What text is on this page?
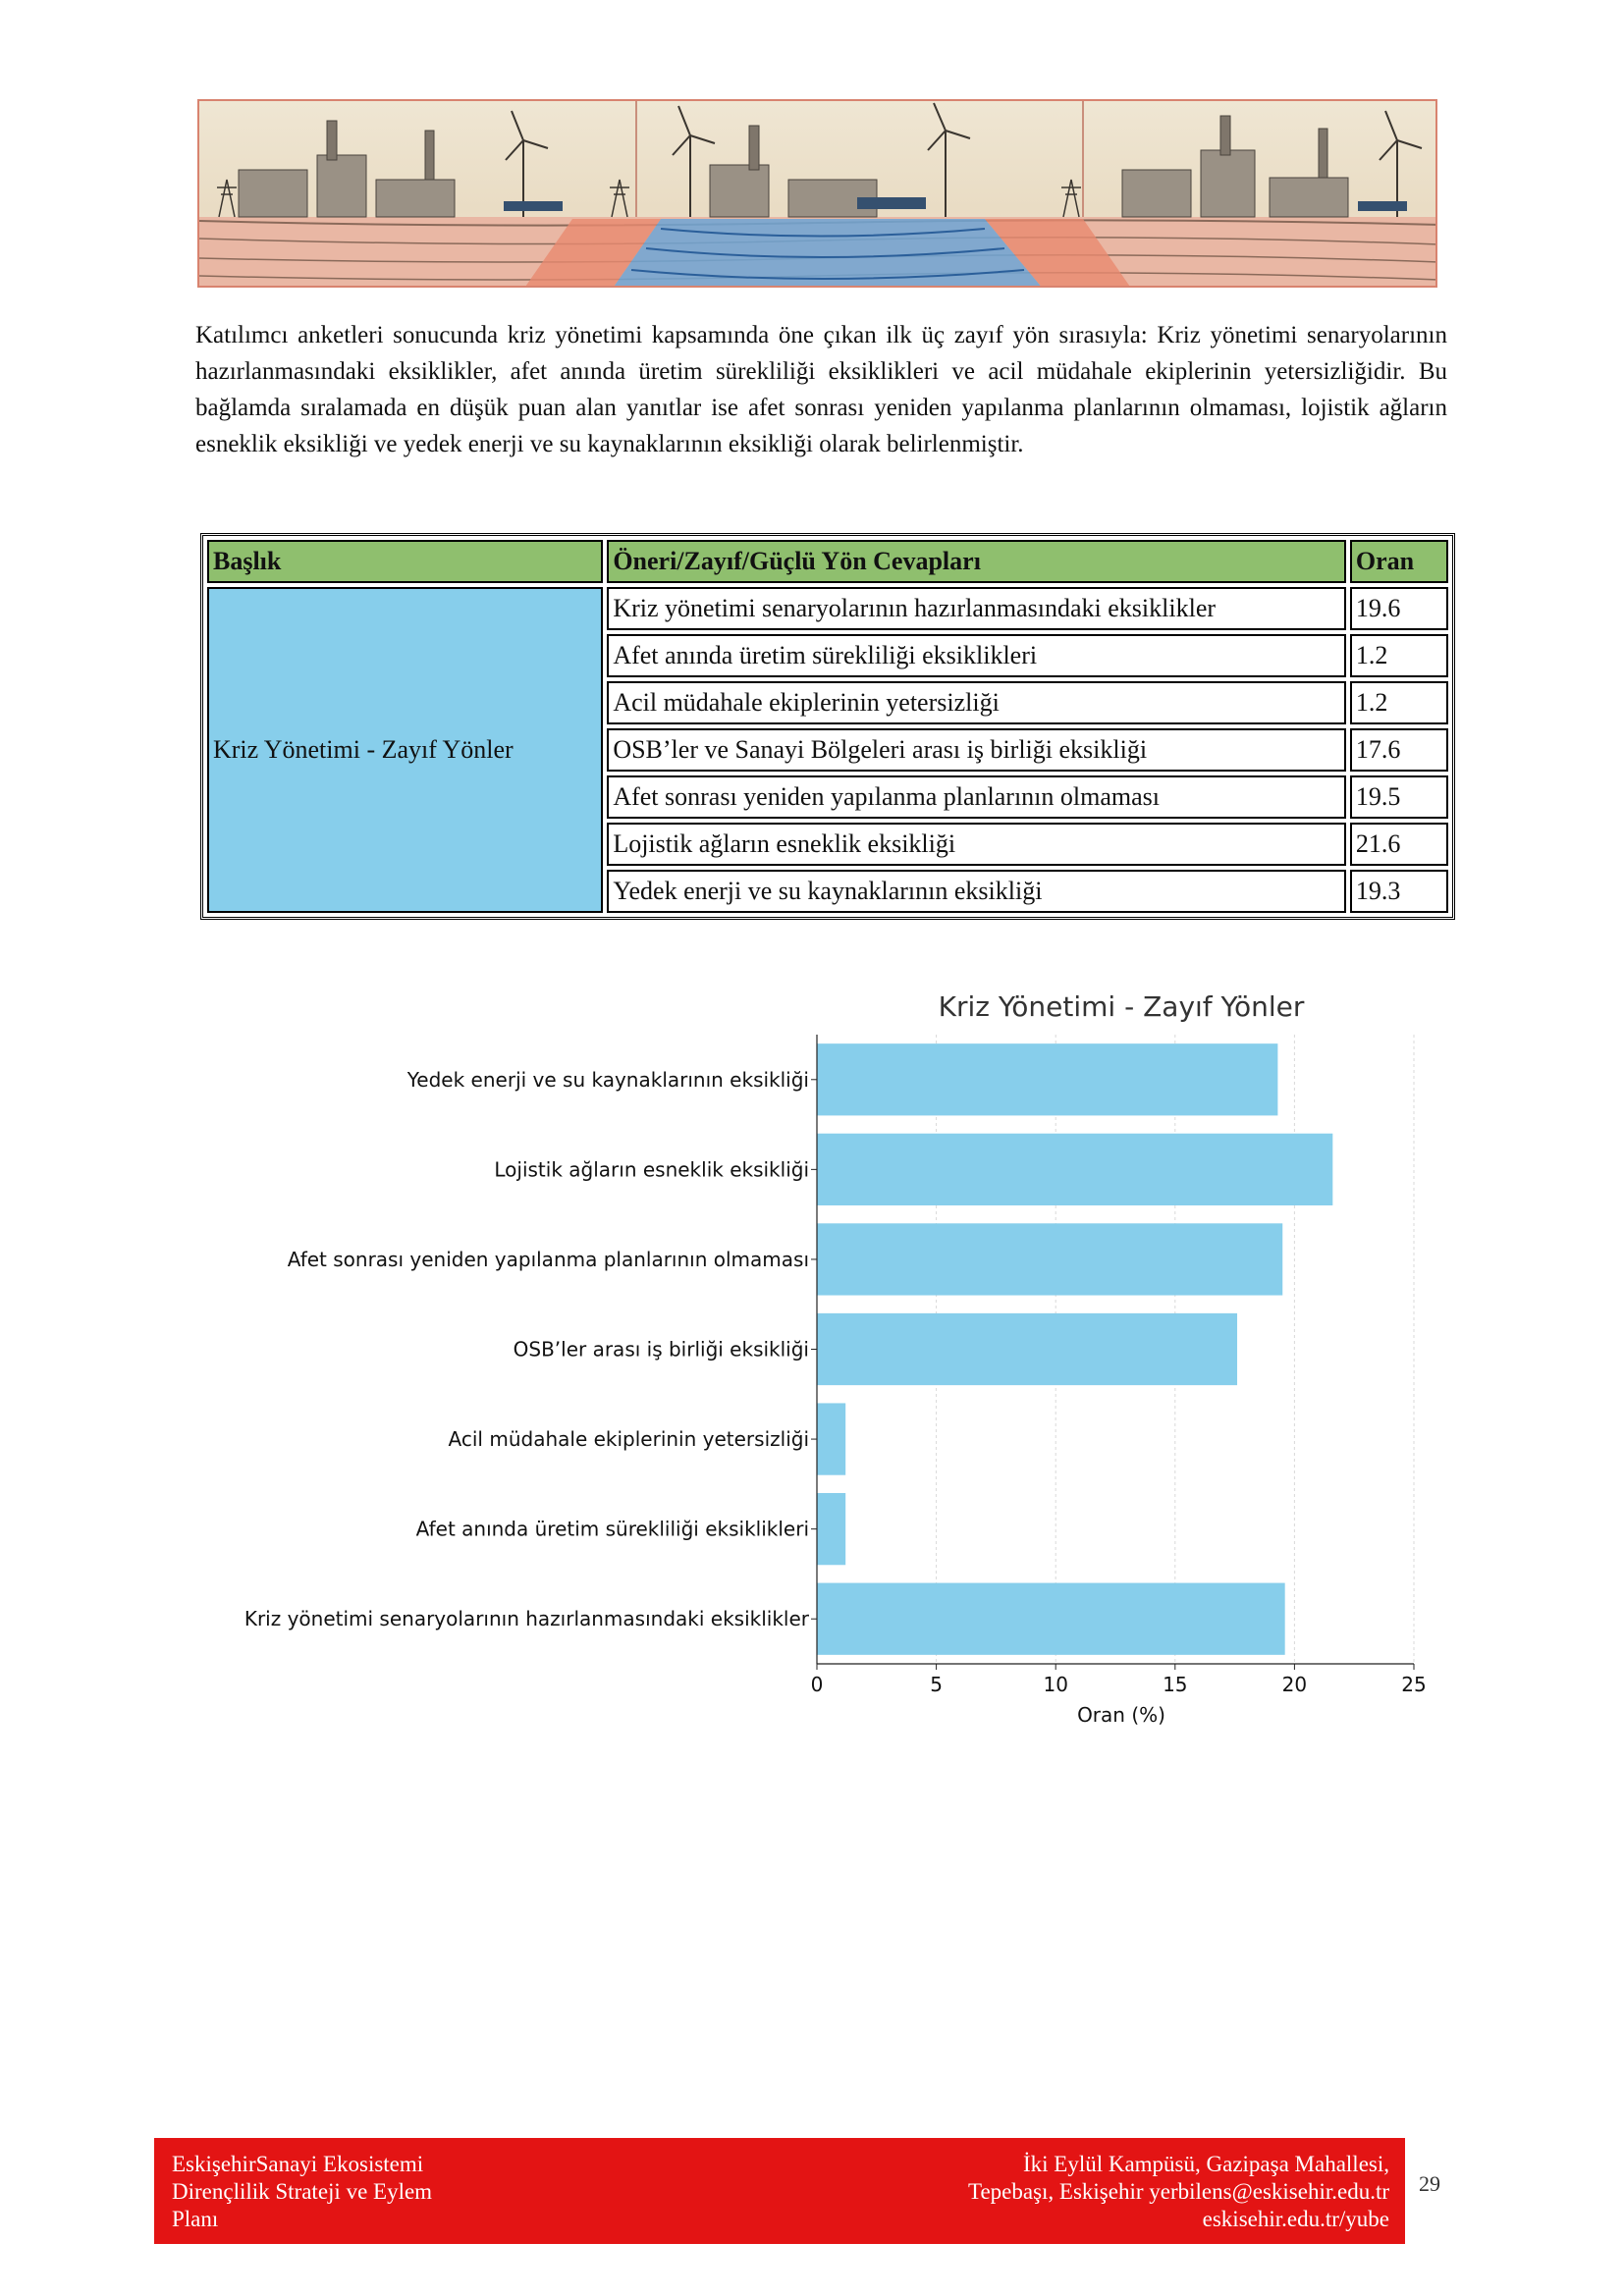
Katılımcı anketleri sonucunda kriz yönetimi kapsamında öne çıkan ilk üç zayıf yön sırasıyla: Kriz yönetimi senaryolarının hazırlanmasındaki eksiklikler, afet anında üretim sürekliliği eksiklikleri ve acil müdahale ekiplerinin yetersizliğidir. Bu bağlamda sıralamada en düşük puan alan yanıtlar ise afet sonrası yeniden yapılanma planlarının olmaması, lojistik ağların esneklik eksikliği ve yedek enerji ve su kaynaklarının eksikliği olarak belirlenmiştir.

Başlık	Öneri/Zayıf/Güçlü Yön Cevapları	Oran
Kriz Yönetimi - Zayıf Yönler	Kriz yönetimi senaryolarının hazırlanmasındaki eksiklikler	19.6
	Afet anında üretim sürekliliği eksiklikleri	1.2
	Acil müdahale ekiplerinin yetersizliği	1.2
	OSB’ler ve Sanayi Bölgeleri arası iş birliği eksikliği	17.6
	Afet sonrası yeniden yapılanma planlarının olmaması	19.5
	Lojistik ağların esneklik eksikliği	21.6
	Yedek enerji ve su kaynaklarının eksikliği	19.3
Kriz Yönetimi - Zayıf Yönler
Oran (%)
0	5	10	15	20	25
Yedek enerji ve su kaynaklarının eksikliği
Lojistik ağların esneklik eksikliği
Afet sonrası yeniden yapılanma planlarının olmaması
OSB’ler arası iş birliği eksikliği
Acil müdahale ekiplerinin yetersizliği
Afet anında üretim sürekliliği eksiklikleri
Kriz yönetimi senaryolarının hazırlanmasındaki eksiklikler
EskişehirSanayi Ekosistemi
Dirençlilik Strateji ve Eylem
Planı
İki Eylül Kampüsü, Gazipaşa Mahallesi,
Tepebaşı, Eskişehir yerbilens@eskisehir.edu.tr
eskisehir.edu.tr/yube
29
